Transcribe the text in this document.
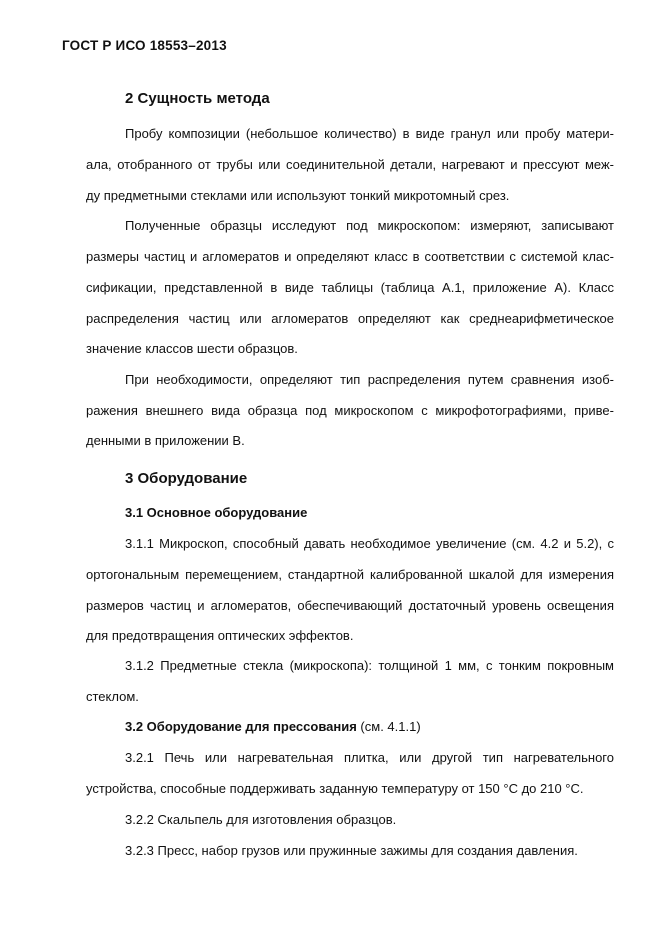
ГОСТ Р ИСО 18553–2013
2 Сущность метода
Пробу композиции (небольшое количество) в виде гранул или пробу матери-
ала, отобранного от трубы или соединительной детали, нагревают и прессуют меж-
ду предметными стеклами или используют тонкий микротомный срез.
Полученные образцы исследуют под микроскопом: измеряют, записывают
размеры частиц и агломератов и определяют класс в соответствии с системой клас-
сификации, представленной в виде таблицы (таблица А.1, приложение А). Класс
распределения частиц или агломератов определяют как среднеарифметическое
значение классов шести образцов.
При необходимости, определяют тип распределения путем сравнения изоб-
ражения внешнего вида образца под микроскопом с микрофотографиями, приве-
денными в приложении В.
3 Оборудование
3.1 Основное оборудование
3.1.1 Микроскоп, способный давать необходимое увеличение (см. 4.2 и 5.2), с
ортогональным перемещением, стандартной калиброванной шкалой для измерения
размеров частиц и агломератов, обеспечивающий достаточный уровень освещения
для предотвращения оптических эффектов.
3.1.2 Предметные стекла (микроскопа): толщиной 1 мм, с тонким покровным
стеклом.
3.2 Оборудование для прессования (см. 4.1.1)
3.2.1 Печь или нагревательная плитка, или другой тип нагревательного
устройства, способные поддерживать заданную температуру от 150 °С до 210 °С.
3.2.2 Скальпель для изготовления образцов.
3.2.3 Пресс, набор грузов или пружинные зажимы для создания давления.
